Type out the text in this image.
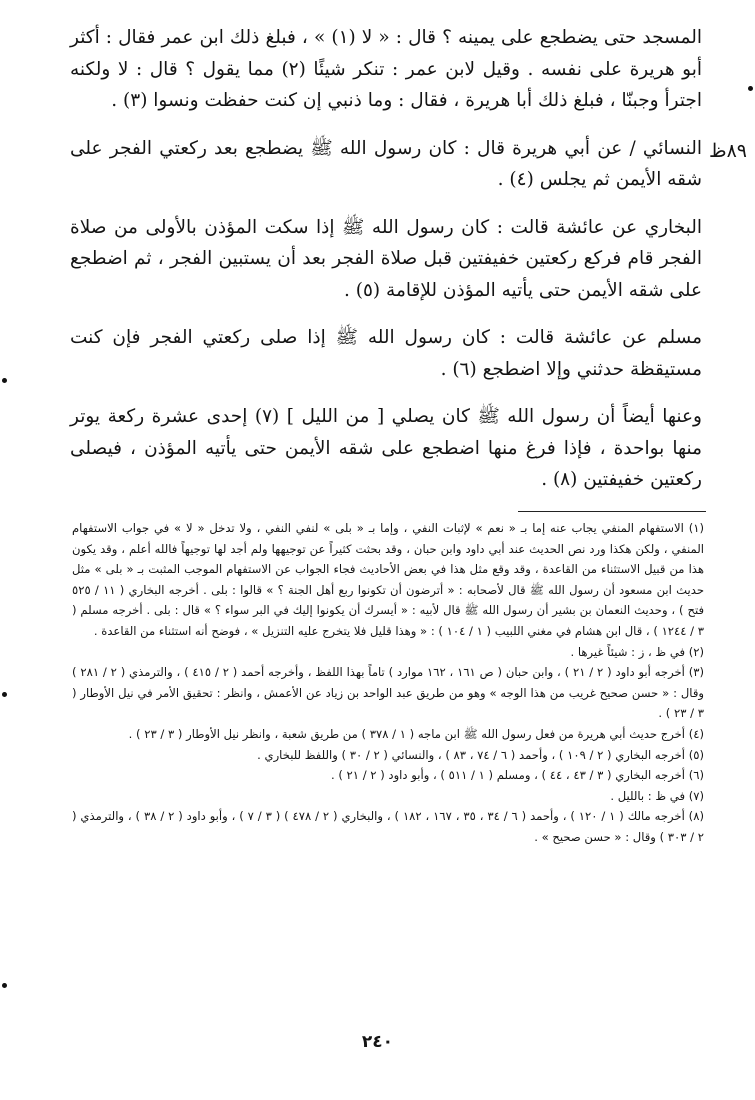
٨٩ظ

المسجد حتى يضطجع على يمينه ؟ قال : « لا (١) » ، فبلغ ذلك ابن عمر فقال : أكثر أبو هريرة على نفسه . وقيل لابن عمر : تنكر شيئًا (٢) مما يقول ؟ قال : لا ولكنه اجترأ وجبنّا ، فبلغ ذلك أبا هريرة ، فقال : وما ذنبي إن كنت حفظت ونسوا (٣) .

النسائي / عن أبي هريرة قال : كان رسول الله ﷺ يضطجع بعد ركعتي الفجر على شقه الأيمن ثم يجلس (٤) .

البخاري عن عائشة قالت : كان رسول الله ﷺ إذا سكت المؤذن بالأولى من صلاة الفجر قام فركع ركعتين خفيفتين قبل صلاة الفجر بعد أن يستبين الفجر ، ثم اضطجع على شقه الأيمن حتى يأتيه المؤذن للإقامة (٥) .

مسلم عن عائشة قالت : كان رسول الله ﷺ إذا صلى ركعتي الفجر فإن كنت مستيقظة حدثني وإلا اضطجع (٦) .

وعنها أيضاً أن رسول الله ﷺ كان يصلي [ من الليل ] (٧) إحدى عشرة ركعة يوتر منها بواحدة ، فإذا فرغ منها اضطجع على شقه الأيمن حتى يأتيه المؤذن ، فيصلى ركعتين خفيفتين (٨) .

(١) الاستفهام المنفي يجاب عنه إما بـ « نعم » لإثبات النفي ، وإما بـ « بلى » لنفي النفي ، ولا تدخل « لا » في جواب الاستفهام المنفي ، ولكن هكذا ورد نص الحديث عند أبي داود وابن حبان ، وقد بحثت كثيراً عن توجيهها ولم أجد لها توجيهاً فالله أعلم ، وقد يكون هذا من قبيل الاستثناء من القاعدة ، وقد وقع مثل هذا في بعض الأحاديث فجاء الجواب عن الاستفهام الموجب المثبت بـ « بلى » مثل حديث ابن مسعود أن رسول الله ﷺ قال لأصحابه : « أترضون أن تكونوا ربع أهل الجنة ؟ » قالوا : بلى . أخرجه البخاري ( ١١ / ٥٢٥ فتح ) ، وحديث النعمان بن بشير أن رسول الله ﷺ قال لأبيه : « أيسرك أن يكونوا إليك في البر سواء ؟ » قال : بلى . أخرجه مسلم ( ٣ / ١٢٤٤ ) ، قال ابن هشام في مغني اللبيب ( ١ / ١٠٤ ) : « وهذا قليل فلا يتخرج عليه التنزيل » ، فوضح أنه استثناء من القاعدة .

(٢) في ظ ، ز : شيئاً غيرها .

(٣) أخرجه أبو داود ( ٢ / ٢١ ) ، وابن حبان ( ص ١٦١ ، ١٦٢ موارد ) تاماً بهذا اللفظ ، وأخرجه أحمد ( ٢ / ٤١٥ ) ، والترمذي ( ٢ / ٢٨١ ) وقال : « حسن صحيح غريب من هذا الوجه » وهو من طريق عبد الواحد بن زياد عن الأعمش ، وانظر : تحقيق الأمر في نيل الأوطار ( ٣ / ٢٣ ) .

(٤) أخرج حديث أبي هريرة من فعل رسول الله ﷺ ابن ماجه ( ١ / ٣٧٨ ) من طريق شعبة ، وانظر نيل الأوطار ( ٣ / ٢٣ ) .

(٥) أخرجه البخاري ( ٢ / ١٠٩ ) ، وأحمد ( ٦ / ٧٤ ، ٨٣ ) ، والنسائي ( ٢ / ٣٠ ) واللفظ للبخاري .

(٦) أخرجه البخاري ( ٣ / ٤٣ ، ٤٤ ) ، ومسلم ( ١ / ٥١١ ) ، وأبو داود ( ٢ / ٢١ ) .

(٧) في ظ : بالليل .

(٨) أخرجه مالك ( ١ / ١٢٠ ) ، وأحمد ( ٦ / ٣٤ ، ٣٥ ، ١٦٧ ، ١٨٢ ) ، والبخاري ( ٢ / ٤٧٨ ) ( ٣ / ٧ ) ، وأبو داود ( ٢ / ٣٨ ) ، والترمذي ( ٢ / ٣٠٣ ) وقال : « حسن صحيح » .

٢٤٠
